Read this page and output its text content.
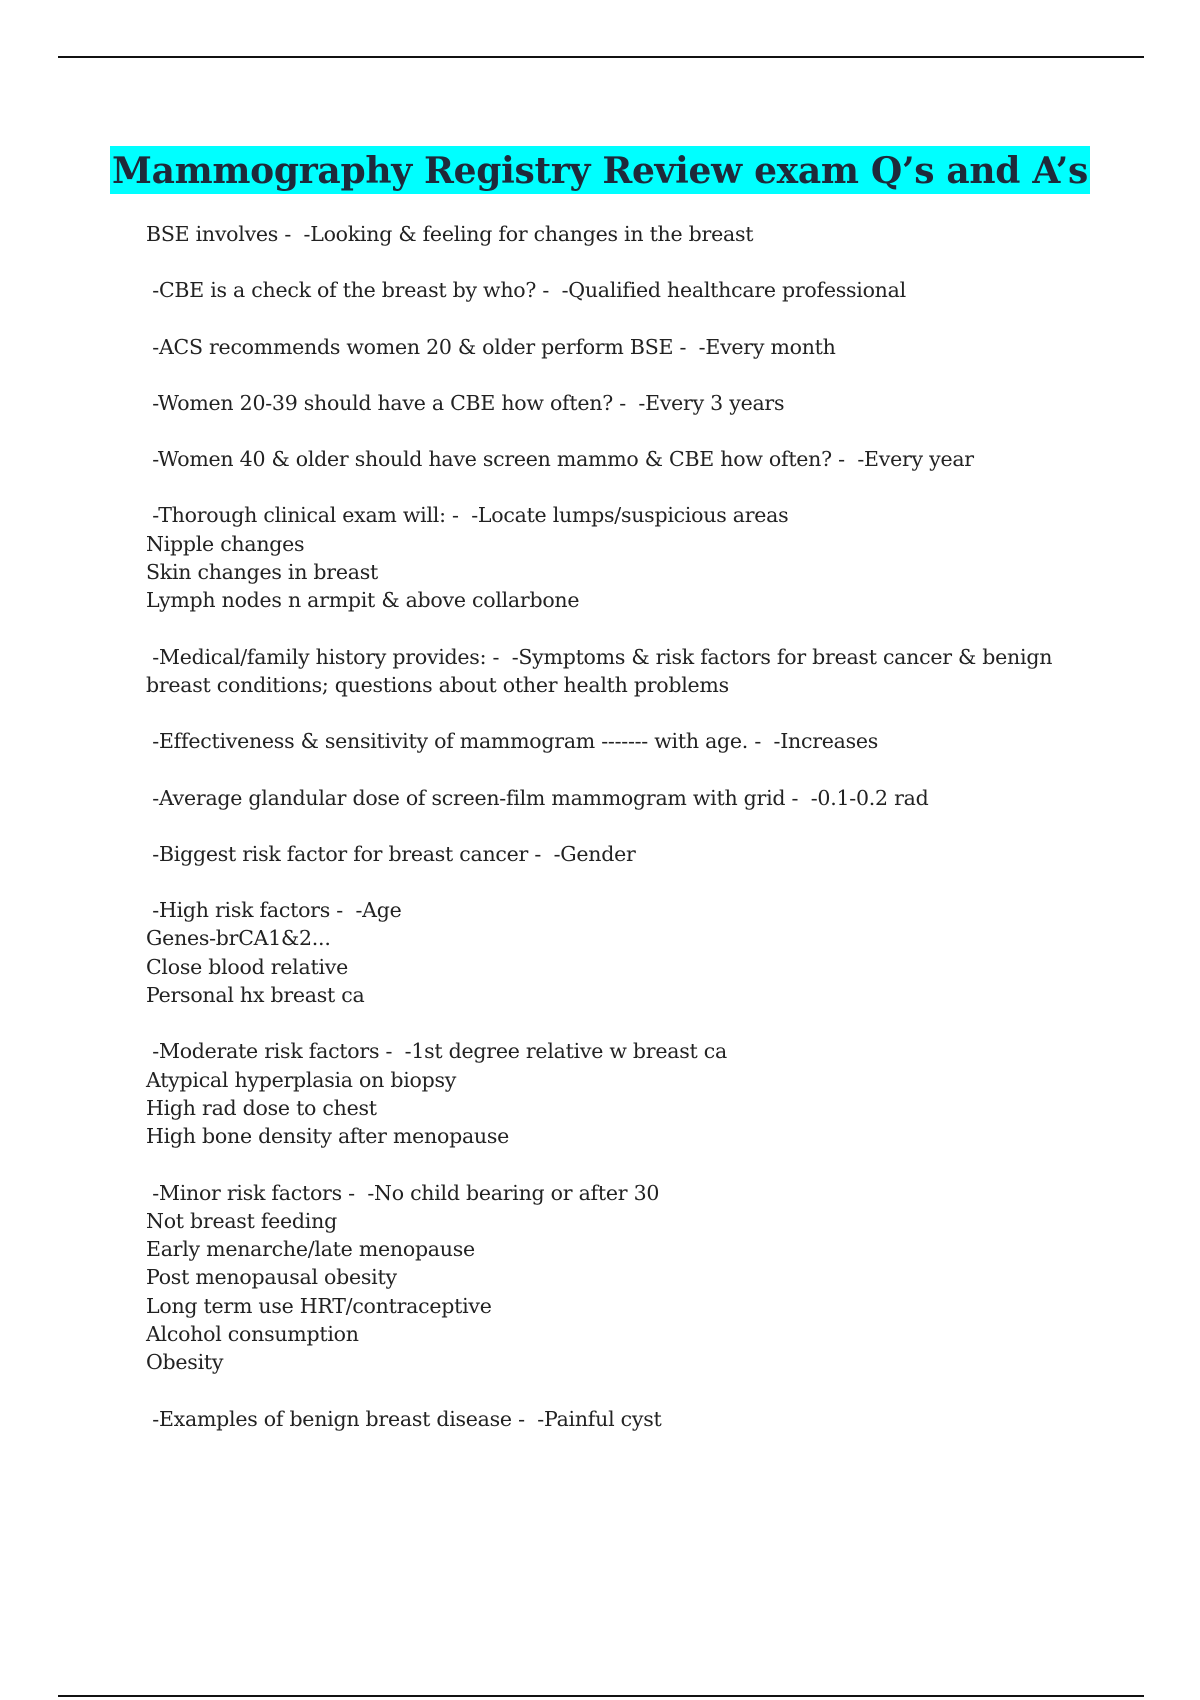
Mammography Registry Review exam Q’s and A’s
BSE involves -  -Looking & feeling for changes in the breast
-CBE is a check of the breast by who? -  -Qualified healthcare professional
-ACS recommends women 20 & older perform BSE -  -Every month
-Women 20-39 should have a CBE how often? -  -Every 3 years
-Women 40 & older should have screen mammo & CBE how often? -  -Every year
-Thorough clinical exam will: -  -Locate lumps/suspicious areas
Nipple changes
Skin changes in breast
Lymph nodes n armpit & above collarbone
-Medical/family history provides: -  -Symptoms & risk factors for breast cancer & benign
breast conditions; questions about other health problems
-Effectiveness & sensitivity of mammogram ------- with age. -  -Increases
-Average glandular dose of screen-film mammogram with grid -  -0.1-0.2 rad
-Biggest risk factor for breast cancer -  -Gender
-High risk factors -  -Age
Genes-brCA1&2...
Close blood relative
Personal hx breast ca
-Moderate risk factors -  -1st degree relative w breast ca
Atypical hyperplasia on biopsy
High rad dose to chest
High bone density after menopause
-Minor risk factors -  -No child bearing or after 30
Not breast feeding
Early menarche/late menopause
Post menopausal obesity
Long term use HRT/contraceptive
Alcohol consumption
Obesity
-Examples of benign breast disease -  -Painful cyst
